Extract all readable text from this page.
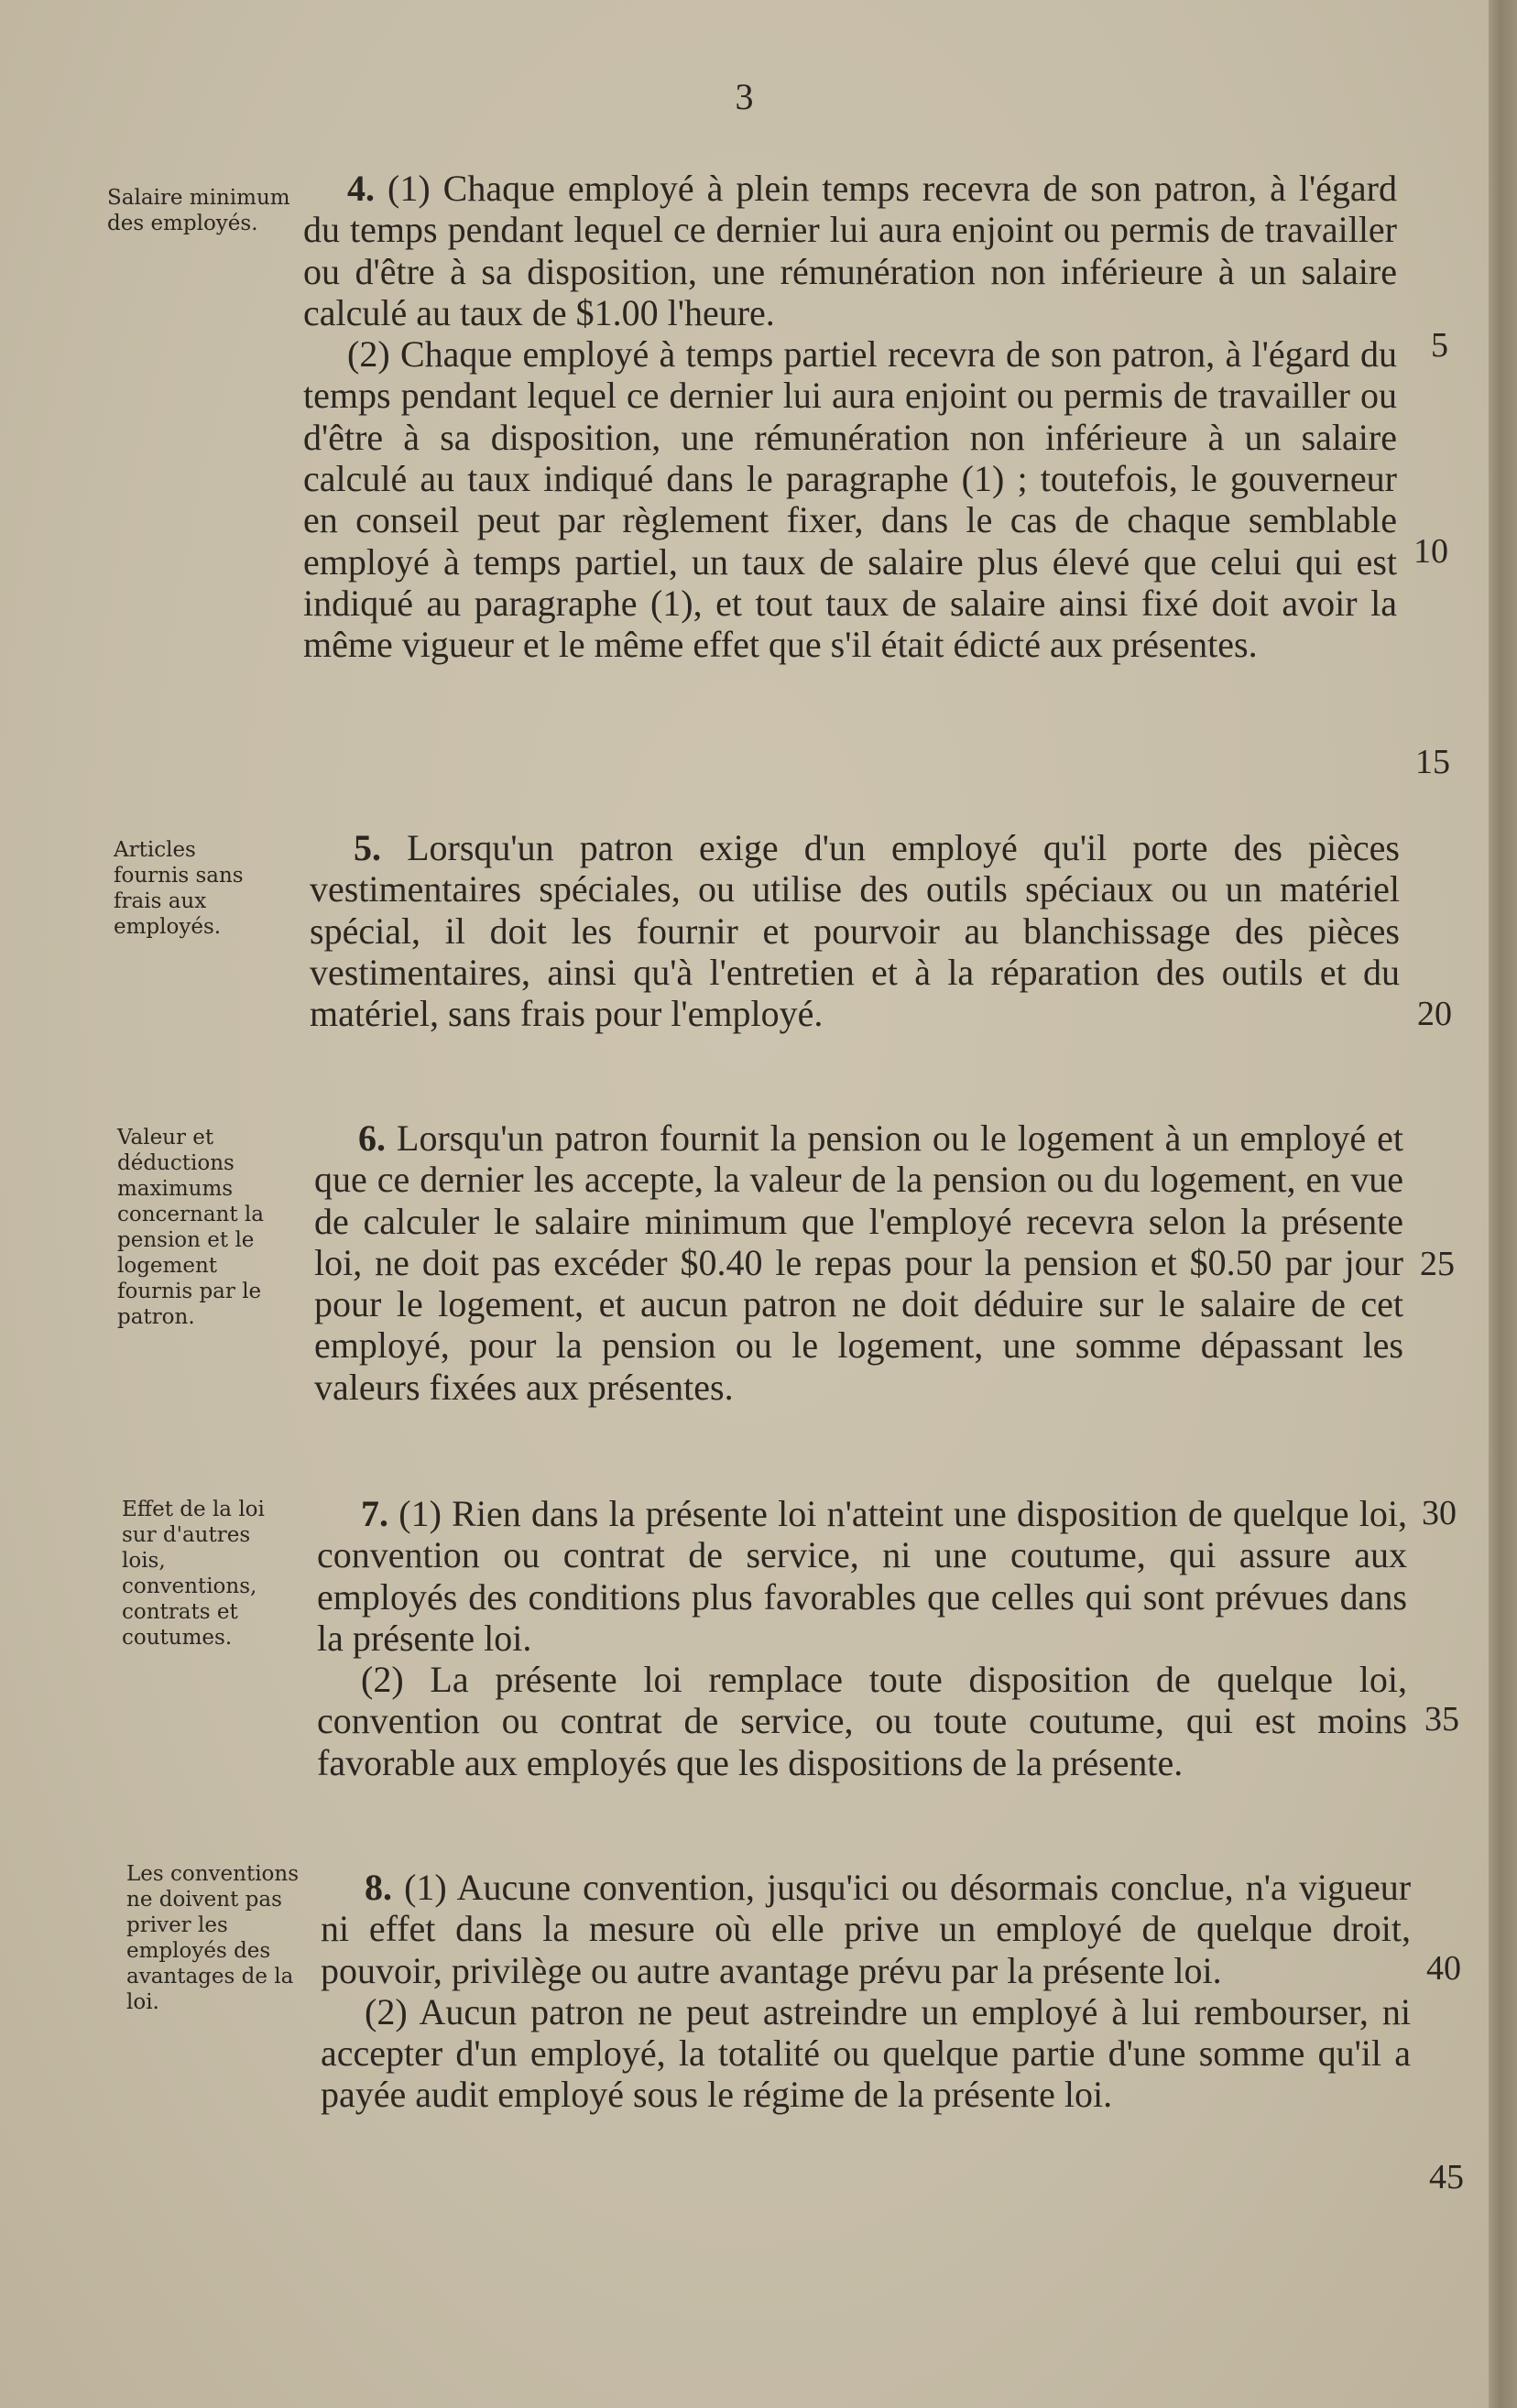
3
Salaire minimum des employés.
Articles fournis sans frais aux employés.
Valeur et déductions maximums concernant la pension et le logement fournis par le patron.
Effet de la loi sur d'autres lois, conventions, contrats et coutumes.
Les conventions ne doivent pas priver les employés des avantages de la loi.

4. (1) Chaque employé à plein temps recevra de son patron, à l'égard du temps pendant lequel ce dernier lui aura enjoint ou permis de travailler ou d'être à sa disposition, une rémunération non inférieure à un salaire calculé au taux de $1.00 l'heure.

(2) Chaque employé à temps partiel recevra de son patron, à l'égard du temps pendant lequel ce dernier lui aura enjoint ou permis de travailler ou d'être à sa disposition, une rémunération non inférieure à un salaire calculé au taux indiqué dans le paragraphe (1) ; toutefois, le gouverneur en conseil peut par règlement fixer, dans le cas de chaque semblable employé à temps partiel, un taux de salaire plus élevé que celui qui est indiqué au paragraphe (1), et tout taux de salaire ainsi fixé doit avoir la même vigueur et le même effet que s'il était édicté aux présentes.

5. Lorsqu'un patron exige d'un employé qu'il porte des pièces vestimentaires spéciales, ou utilise des outils spéciaux ou un matériel spécial, il doit les fournir et pourvoir au blanchissage des pièces vestimentaires, ainsi qu'à l'entretien et à la réparation des outils et du matériel, sans frais pour l'employé.

6. Lorsqu'un patron fournit la pension ou le logement à un employé et que ce dernier les accepte, la valeur de la pension ou du logement, en vue de calculer le salaire minimum que l'employé recevra selon la présente loi, ne doit pas excéder $0.40 le repas pour la pension et $0.50 par jour pour le logement, et aucun patron ne doit déduire sur le salaire de cet employé, pour la pension ou le logement, une somme dépassant les valeurs fixées aux présentes.

7. (1) Rien dans la présente loi n'atteint une disposition de quelque loi, convention ou contrat de service, ni une coutume, qui assure aux employés des conditions plus favorables que celles qui sont prévues dans la présente loi.

(2) La présente loi remplace toute disposition de quelque loi, convention ou contrat de service, ou toute coutume, qui est moins favorable aux employés que les dispositions de la présente.

8. (1) Aucune convention, jusqu'ici ou désormais conclue, n'a vigueur ni effet dans la mesure où elle prive un employé de quelque droit, pouvoir, privilège ou autre avantage prévu par la présente loi.

(2) Aucun patron ne peut astreindre un employé à lui rembourser, ni accepter d'un employé, la totalité ou quelque partie d'une somme qu'il a payée audit employé sous le régime de la présente loi.

5
10
15
20
25
30
35
40
45
